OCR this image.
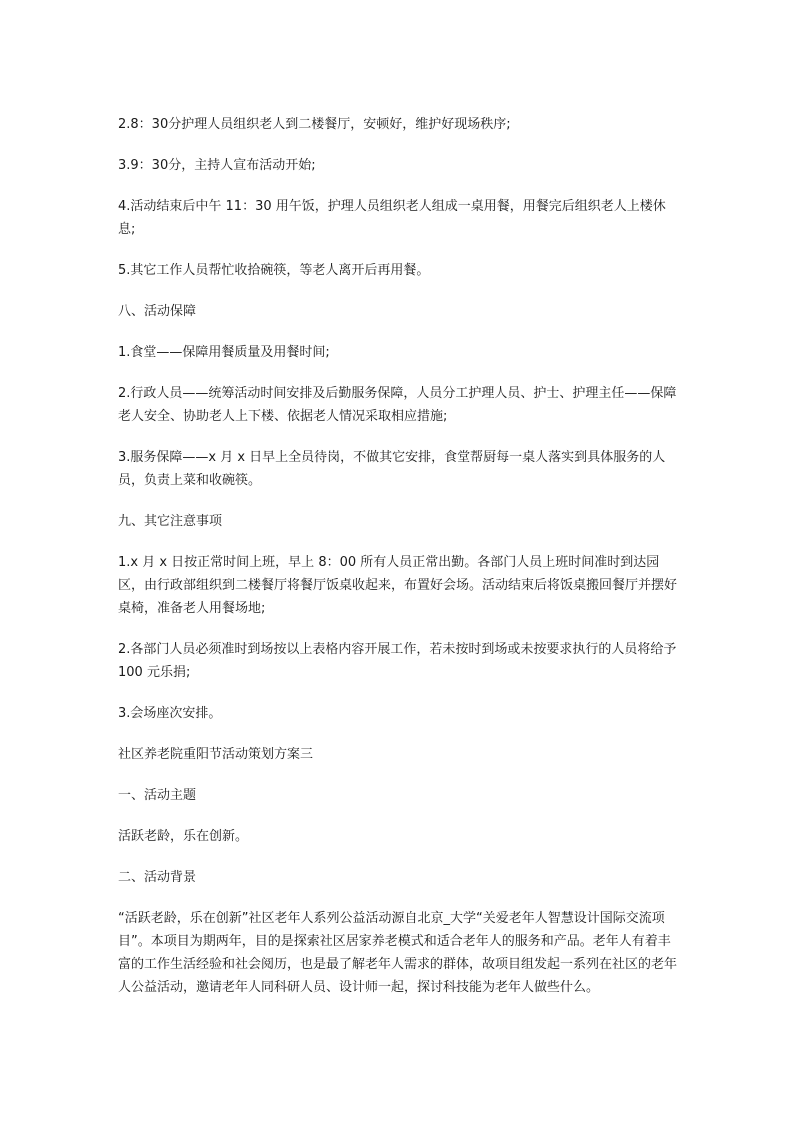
2.8：30分护理人员组织老人到二楼餐厅，安顿好，维护好现场秩序;

3.9：30分，主持人宣布活动开始;

4.活动结束后中午 11：30 用午饭，护理人员组织老人组成一桌用餐，用餐完后组织老人上楼休息;

5.其它工作人员帮忙收拾碗筷，等老人离开后再用餐。

八、活动保障

1.食堂——保障用餐质量及用餐时间;

2.行政人员——统筹活动时间安排及后勤服务保障，人员分工护理人员、护士、护理主任——保障老人安全、协助老人上下楼、依据老人情况采取相应措施;

3.服务保障——x 月 x 日早上全员待岗，不做其它安排，食堂帮厨每一桌人落实到具体服务的人员，负责上菜和收碗筷。

九、其它注意事项

1.x 月 x 日按正常时间上班，早上 8：00 所有人员正常出勤。各部门人员上班时间准时到达园区，由行政部组织到二楼餐厅将餐厅饭桌收起来，布置好会场。活动结束后将饭桌搬回餐厅并摆好桌椅，准备老人用餐场地;

2.各部门人员必须准时到场按以上表格内容开展工作，若未按时到场或未按要求执行的人员将给予 100 元乐捐;

3.会场座次安排。

社区养老院重阳节活动策划方案三

一、活动主题

活跃老龄，乐在创新。

二、活动背景

“活跃老龄，乐在创新”社区老年人系列公益活动源自北京_大学“关爱老年人智慧设计国际交流项目”。本项目为期两年，目的是探索社区居家养老模式和适合老年人的服务和产品。老年人有着丰富的工作生活经验和社会阅历，也是最了解老年人需求的群体，故项目组发起一系列在社区的老年人公益活动，邀请老年人同科研人员、设计师一起，探讨科技能为老年人做些什么。
